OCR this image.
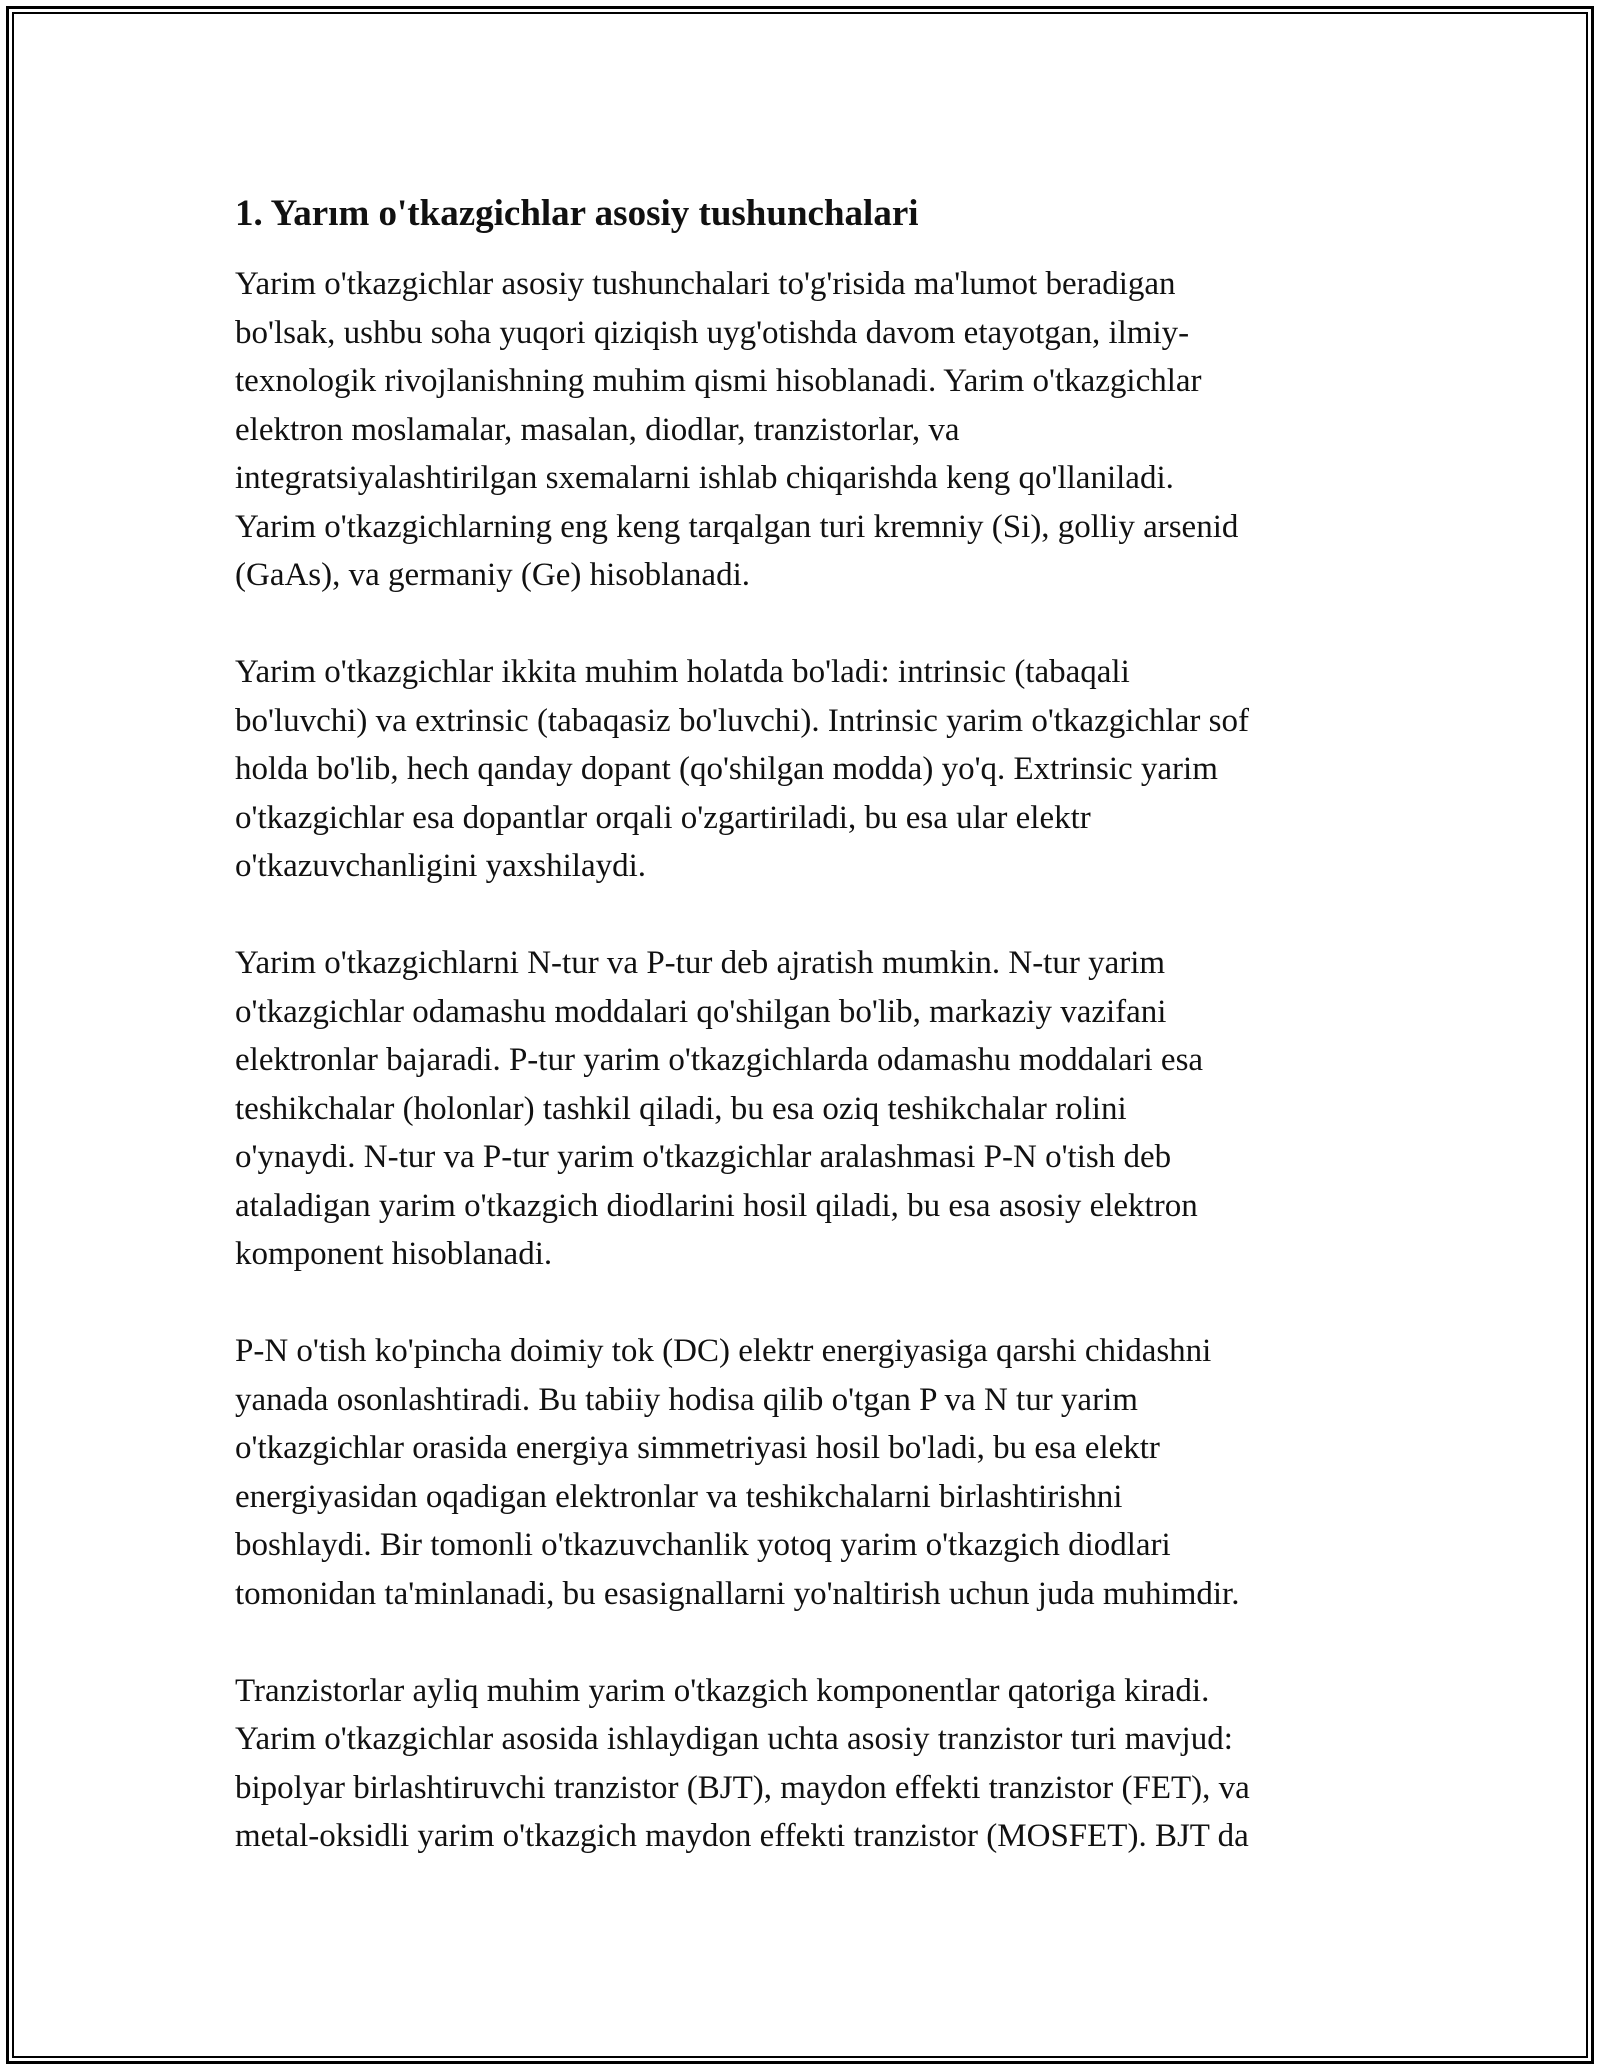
1. Yarım o'tkazgichlar asosiy tushunchalari

Yarim o'tkazgichlar asosiy tushunchalari to'g'risida ma'lumot beradigan
bo'lsak, ushbu soha yuqori qiziqish uyg'otishda davom etayotgan, ilmiy-
texnologik rivojlanishning muhim qismi hisoblanadi. Yarim o'tkazgichlar
elektron moslamalar, masalan, diodlar, tranzistorlar, va
integratsiyalashtirilgan sxemalarni ishlab chiqarishda keng qo'llaniladi.
Yarim o'tkazgichlarning eng keng tarqalgan turi kremniy (Si), golliy arsenid
(GaAs), va germaniy (Ge) hisoblanadi.

Yarim o'tkazgichlar ikkita muhim holatda bo'ladi: intrinsic (tabaqali
bo'luvchi) va extrinsic (tabaqasiz bo'luvchi). Intrinsic yarim o'tkazgichlar sof
holda bo'lib, hech qanday dopant (qo'shilgan modda) yo'q. Extrinsic yarim
o'tkazgichlar esa dopantlar orqali o'zgartiriladi, bu esa ular elektr
o'tkazuvchanligini yaxshilaydi.

Yarim o'tkazgichlarni N-tur va P-tur deb ajratish mumkin. N-tur yarim
o'tkazgichlar odamashu moddalari qo'shilgan bo'lib, markaziy vazifani
elektronlar bajaradi. P-tur yarim o'tkazgichlarda odamashu moddalari esa
teshikchalar (holonlar) tashkil qiladi, bu esa oziq teshikchalar rolini
o'ynaydi. N-tur va P-tur yarim o'tkazgichlar aralashmasi P-N o'tish deb
ataladigan yarim o'tkazgich diodlarini hosil qiladi, bu esa asosiy elektron
komponent hisoblanadi.

P-N o'tish ko'pincha doimiy tok (DC) elektr energiyasiga qarshi chidashni
yanada osonlashtiradi. Bu tabiiy hodisa qilib o'tgan P va N tur yarim
o'tkazgichlar orasida energiya simmetriyasi hosil bo'ladi, bu esa elektr
energiyasidan oqadigan elektronlar va teshikchalarni birlashtirishni
boshlaydi. Bir tomonli o'tkazuvchanlik yotoq yarim o'tkazgich diodlari
tomonidan ta'minlanadi, bu esasignallarni yo'naltirish uchun juda muhimdir.

Tranzistorlar ayliq muhim yarim o'tkazgich komponentlar qatoriga kiradi.
Yarim o'tkazgichlar asosida ishlaydigan uchta asosiy tranzistor turi mavjud:
bipolyar birlashtiruvchi tranzistor (BJT), maydon effekti tranzistor (FET), va
metal-oksidli yarim o'tkazgich maydon effekti tranzistor (MOSFET). BJT da
